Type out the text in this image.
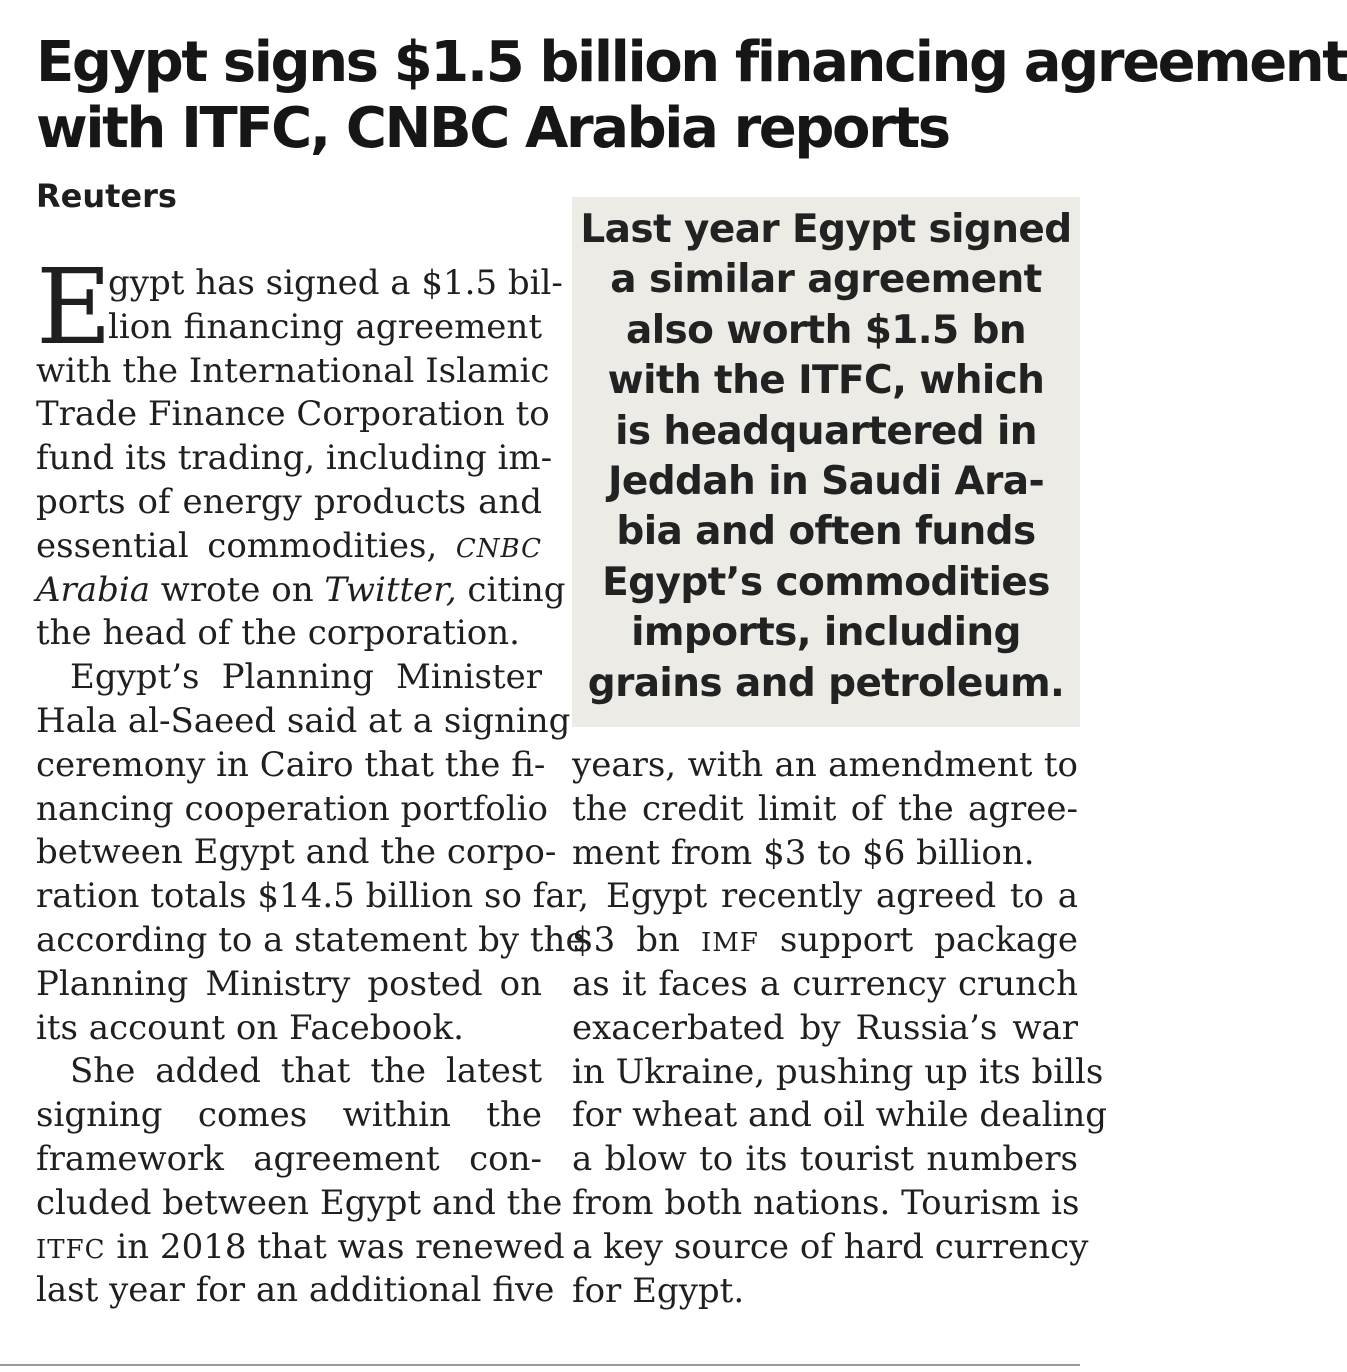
Egypt signs $1.5 billion financing agreement
with ITFC, CNBC Arabia reports
Reuters
E
gypt has signed a $1.5 bil-
lion financing agreement
with the International Islamic
Trade Finance Corporation to
fund its trading, including im-
ports of energy products and
essential commodities, CNBC
Arabia wrote on Twitter, citing
the head of the corporation.
Egypt’s Planning Minister
Hala al-Saeed said at a signing
ceremony in Cairo that the fi-
nancing cooperation portfolio
between Egypt and the corpo-
ration totals $14.5 billion so far,
according to a statement by the
Planning Ministry posted on
its account on Facebook.
She added that the latest
signing comes within the
framework agreement con-
cluded between Egypt and the
ITFC in 2018 that was renewed
last year for an additional five
Last year Egypt signed
a similar agreement
also worth $1.5 bn
with the ITFC, which
is headquartered in
Jeddah in Saudi Ara-
bia and often funds
Egypt’s commodities
imports, including
grains and petroleum.
years, with an amendment to
the credit limit of the agree-
ment from $3 to $6 billion.
Egypt recently agreed to a
$3 bn IMF support package
as it faces a currency crunch
exacerbated by Russia’s war
in Ukraine, pushing up its bills
for wheat and oil while dealing
a blow to its tourist numbers
from both nations. Tourism is
a key source of hard currency
for Egypt.
